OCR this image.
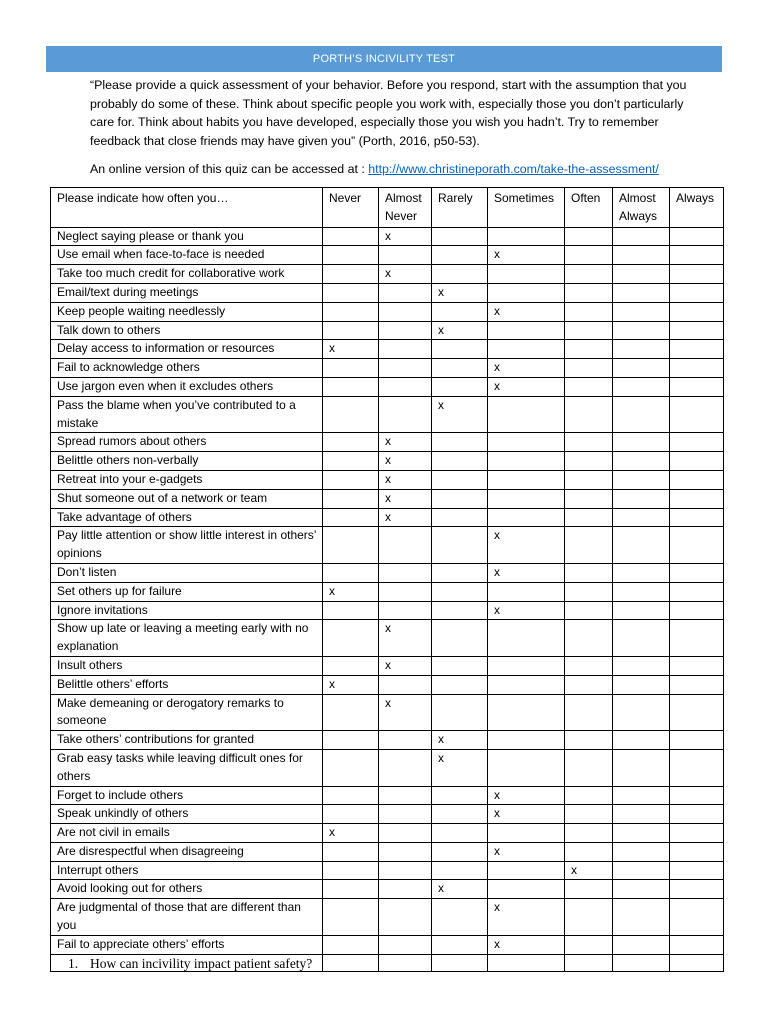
PORTH’S INCIVILITY TEST

“Please provide a quick assessment of your behavior. Before you respond, start with the assumption that you probably do some of these. Think about specific people you work with, especially those you don’t particularly care for. Think about habits you have developed, especially those you wish you hadn’t. Try to remember feedback that close friends may have given you” (Porth, 2016, p50-53).

An online version of this quiz can be accessed at : http://www.christineporath.com/take-the-assessment/
Please indicate how often you…	Never	Almost Never	Rarely	Sometimes	Often	Almost Always	Always
Neglect saying please or thank you		x					
Use email when face-to-face is needed				x			
Take too much credit for collaborative work		x					
Email/text during meetings			x				
Keep people waiting needlessly				x			
Talk down to others			x				
Delay access to information or resources	x						
Fail to acknowledge others				x			
Use jargon even when it excludes others				x			
Pass the blame when you’ve contributed to a mistake			x				
Spread rumors about others		x					
Belittle others non-verbally		x					
Retreat into your e-gadgets		x					
Shut someone out of a network or team		x					
Take advantage of others		x					
Pay little attention or show little interest in others’ opinions				x			
Don’t listen				x			
Set others up for failure	x						
Ignore invitations				x			
Show up late or leaving a meeting early with no explanation		x					
Insult others		x					
Belittle others’ efforts	x						
Make demeaning or derogatory remarks to someone		x					
Take others’ contributions for granted			x				
Grab easy tasks while leaving difficult ones for others			x				
Forget to include others				x			
Speak unkindly of others				x			
Are not civil in emails	x						
Are disrespectful when disagreeing				x			
Interrupt others					x		
Avoid looking out for others			x				
Are judgmental of those that are different than you				x			
Fail to appreciate others’ efforts				x			

1. How can incivility impact patient safety?
